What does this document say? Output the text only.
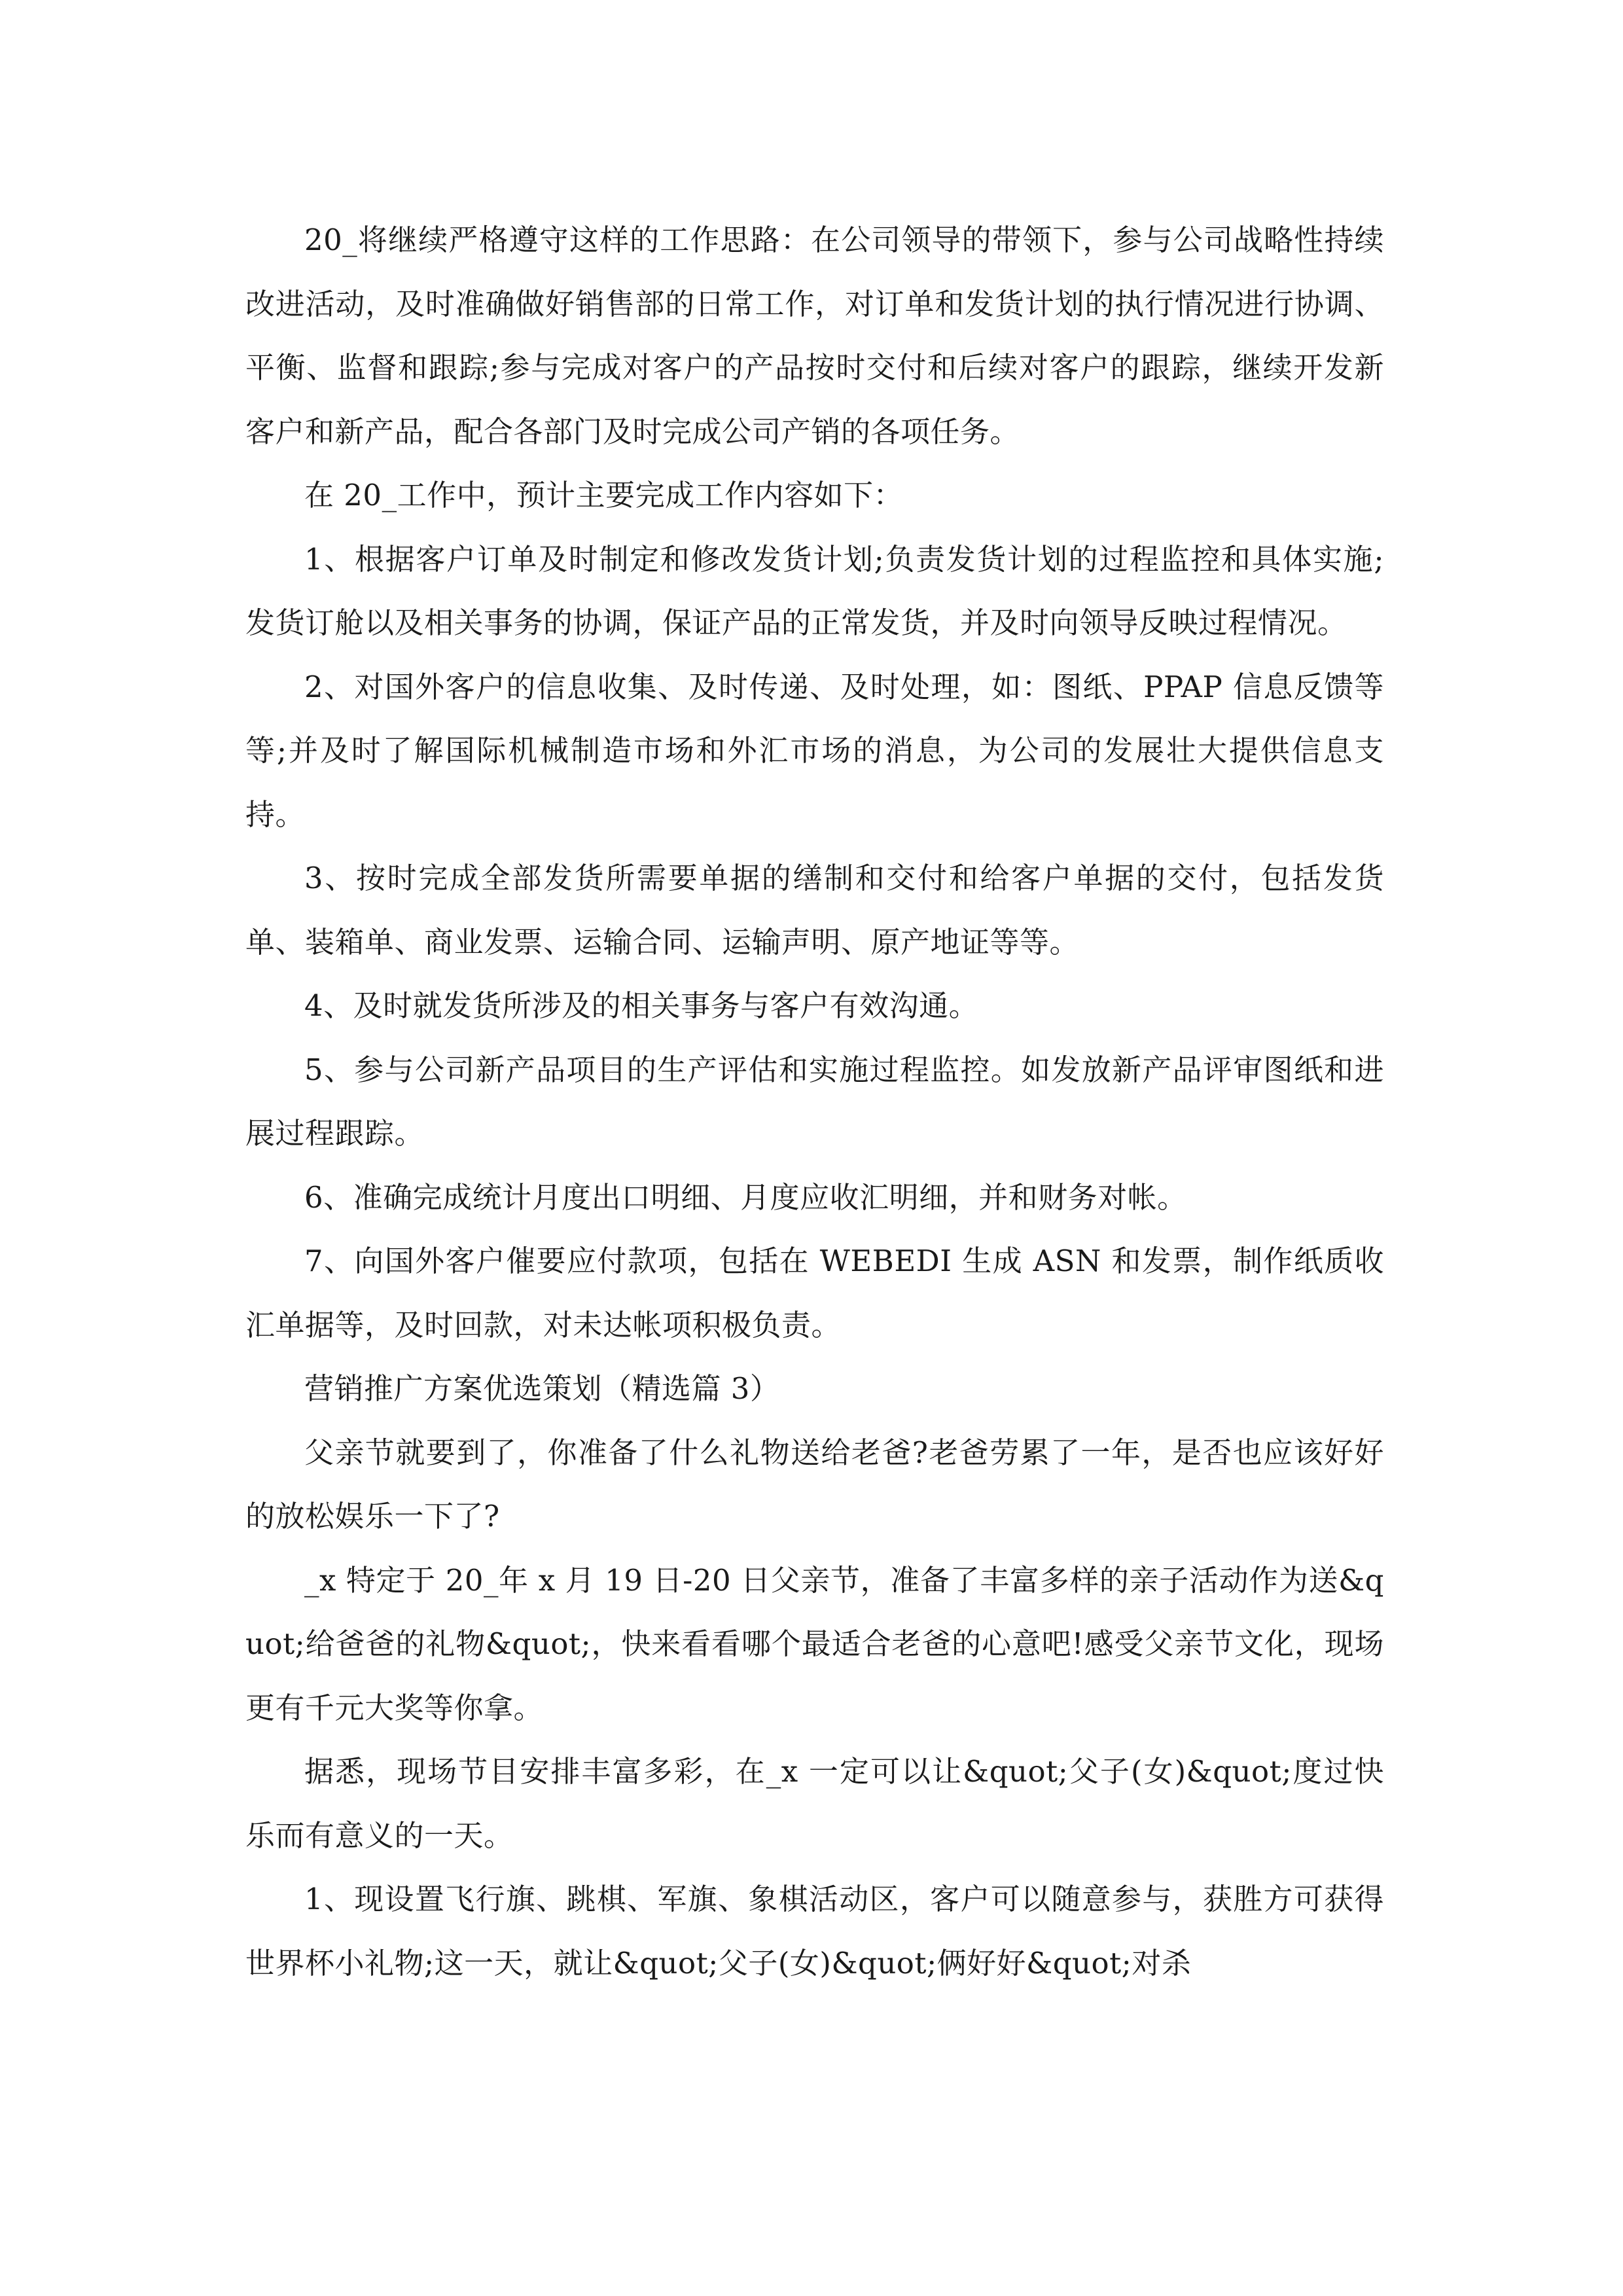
20_将继续严格遵守这样的工作思路：在公司领导的带领下，参与公司战略性持续改进活动，及时准确做好销售部的日常工作，对订单和发货计划的执行情况进行协调、平衡、监督和跟踪;参与完成对客户的产品按时交付和后续对客户的跟踪，继续开发新客户和新产品，配合各部门及时完成公司产销的各项任务。

在 20_工作中，预计主要完成工作内容如下：

1、根据客户订单及时制定和修改发货计划;负责发货计划的过程监控和具体实施;发货订舱以及相关事务的协调，保证产品的正常发货，并及时向领导反映过程情况。

2、对国外客户的信息收集、及时传递、及时处理，如：图纸、PPAP 信息反馈等等;并及时了解国际机械制造市场和外汇市场的消息，为公司的发展壮大提供信息支持。

3、按时完成全部发货所需要单据的缮制和交付和给客户单据的交付，包括发货单、装箱单、商业发票、运输合同、运输声明、原产地证等等。

4、及时就发货所涉及的相关事务与客户有效沟通。

5、参与公司新产品项目的生产评估和实施过程监控。如发放新产品评审图纸和进展过程跟踪。

6、准确完成统计月度出口明细、月度应收汇明细，并和财务对帐。

7、向国外客户催要应付款项，包括在 WEBEDI 生成 ASN 和发票，制作纸质收汇单据等，及时回款，对未达帐项积极负责。

营销推广方案优选策划（精选篇 3）

父亲节就要到了，你准备了什么礼物送给老爸?老爸劳累了一年，是否也应该好好的放松娱乐一下了?

_x 特定于 20_年 x 月 19 日-20 日父亲节，准备了丰富多样的亲子活动作为送&quot;给爸爸的礼物&quot;，快来看看哪个最适合老爸的心意吧!感受父亲节文化，现场更有千元大奖等你拿。

据悉，现场节目安排丰富多彩，在_x 一定可以让&quot;父子(女)&quot;度过快乐而有意义的一天。

1、现设置飞行旗、跳棋、军旗、象棋活动区，客户可以随意参与，获胜方可获得世界杯小礼物;这一天，就让&quot;父子(女)&quot;俩好好&quot;对杀
